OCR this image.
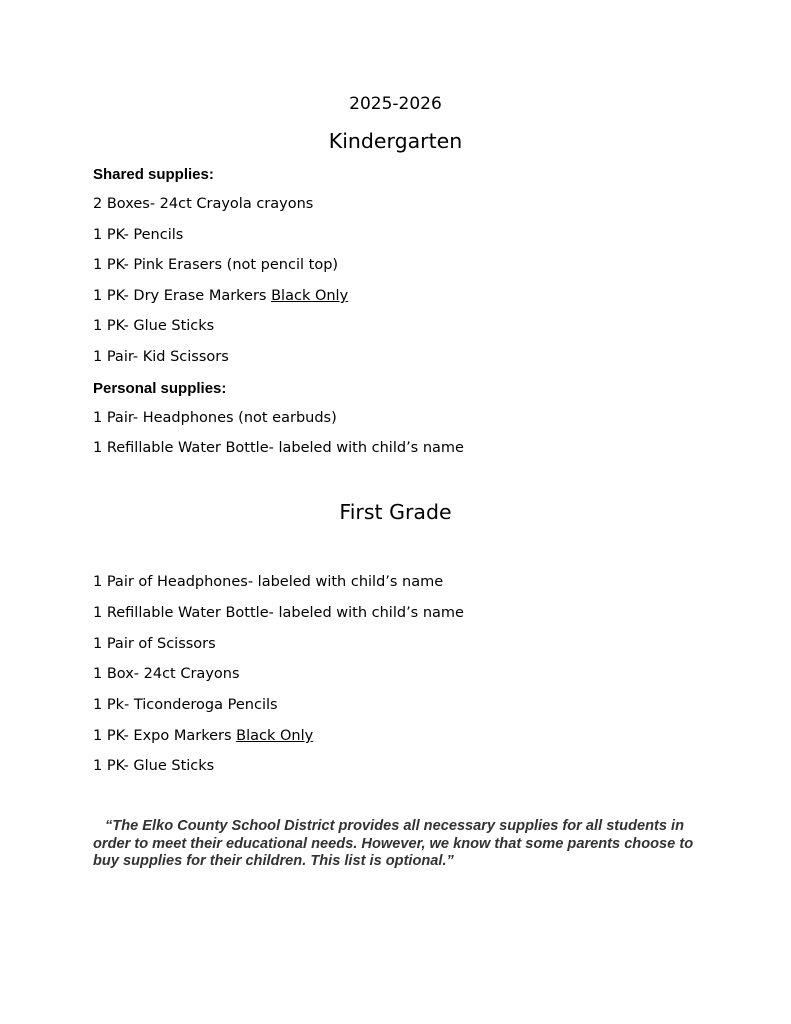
2025-2026
Kindergarten
Shared supplies:
2 Boxes- 24ct Crayola crayons
1 PK- Pencils
1 PK- Pink Erasers (not pencil top)
1 PK- Dry Erase Markers Black Only
1 PK- Glue Sticks
1 Pair- Kid Scissors
Personal supplies:
1 Pair- Headphones (not earbuds)
1 Refillable Water Bottle- labeled with child’s name
First Grade
1 Pair of Headphones- labeled with child’s name
1 Refillable Water Bottle- labeled with child’s name
1 Pair of Scissors
1 Box- 24ct Crayons
1 Pk- Ticonderoga Pencils
1 PK- Expo Markers Black Only
1 PK- Glue Sticks
“The Elko County School District provides all necessary supplies for all students in order to meet their educational needs. However, we know that some parents choose to buy supplies for their children. This list is optional.”
